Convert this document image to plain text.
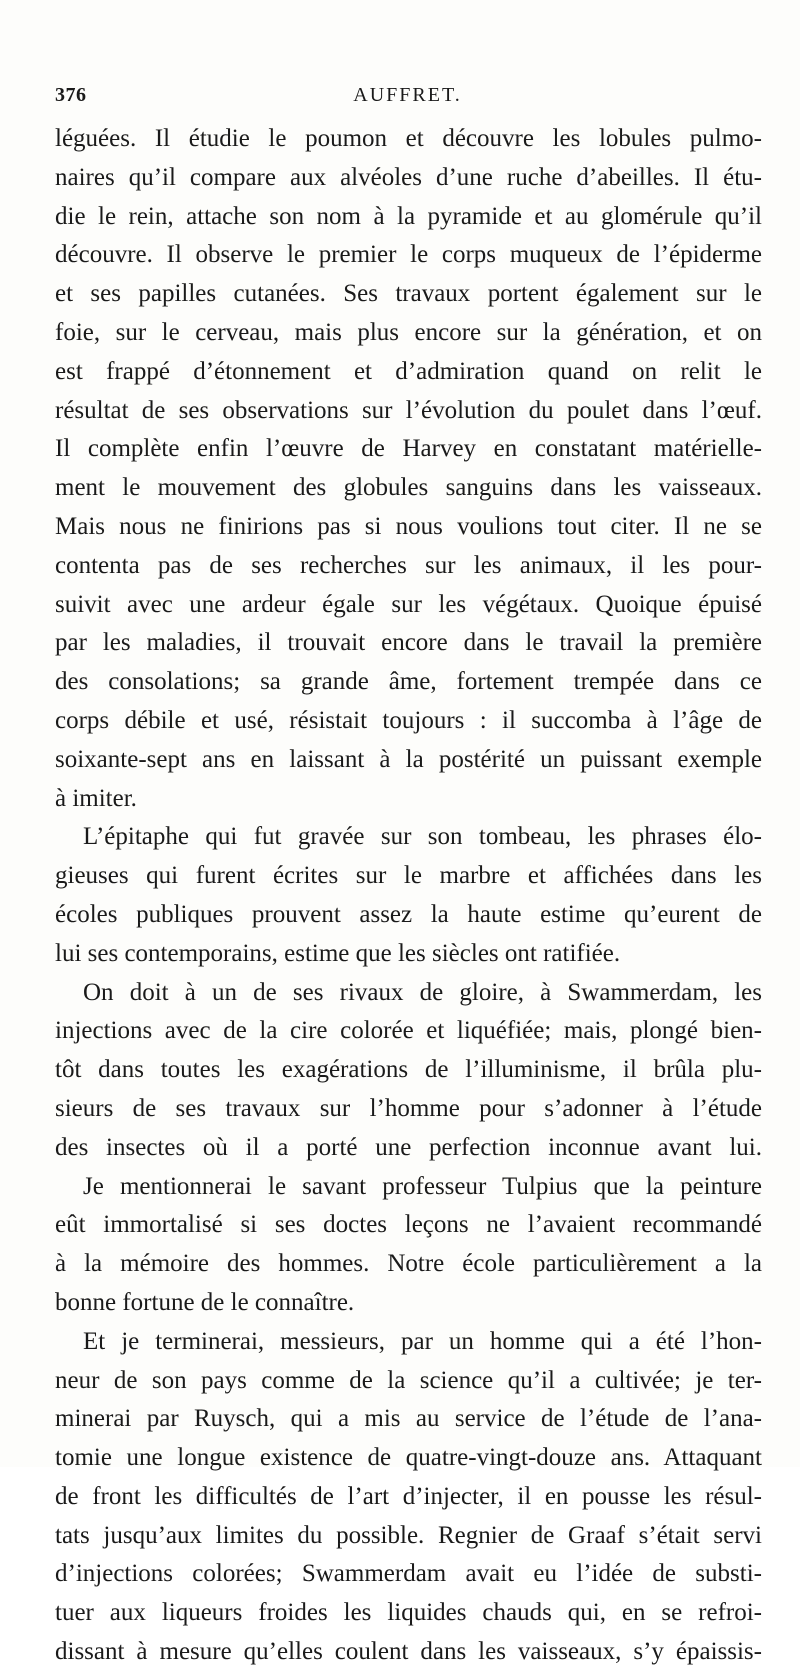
376	AUFFRET.
léguées. Il étudie le poumon et découvre les lobules pulmo-
naires qu’il compare aux alvéoles d’une ruche d’abeilles. Il étu-
die le rein, attache son nom à la pyramide et au glomérule qu’il
découvre. Il observe le premier le corps muqueux de l’épiderme
et ses papilles cutanées. Ses travaux portent également sur le
foie, sur le cerveau, mais plus encore sur la génération, et on
est frappé d’étonnement et d’admiration quand on relit le
résultat de ses observations sur l’évolution du poulet dans l’œuf.
Il complète enfin l’œuvre de Harvey en constatant matérielle-
ment le mouvement des globules sanguins dans les vaisseaux.
Mais nous ne finirions pas si nous voulions tout citer. Il ne se
contenta pas de ses recherches sur les animaux, il les pour-
suivit avec une ardeur égale sur les végétaux. Quoique épuisé
par les maladies, il trouvait encore dans le travail la première
des consolations; sa grande âme, fortement trempée dans ce
corps débile et usé, résistait toujours : il succomba à l’âge de
soixante-sept ans en laissant à la postérité un puissant exemple
à imiter.
L’épitaphe qui fut gravée sur son tombeau, les phrases élo-
gieuses qui furent écrites sur le marbre et affichées dans les
écoles publiques prouvent assez la haute estime qu’eurent de
lui ses contemporains, estime que les siècles ont ratifiée.
On doit à un de ses rivaux de gloire, à Swammerdam, les
injections avec de la cire colorée et liquéfiée; mais, plongé bien-
tôt dans toutes les exagérations de l’illuminisme, il brûla plu-
sieurs de ses travaux sur l’homme pour s’adonner à l’étude
des insectes où il a porté une perfection inconnue avant lui.
Je mentionnerai le savant professeur Tulpius que la peinture
eût immortalisé si ses doctes leçons ne l’avaient recommandé
à la mémoire des hommes. Notre école particulièrement a la
bonne fortune de le connaître.
Et je terminerai, messieurs, par un homme qui a été l’hon-
neur de son pays comme de la science qu’il a cultivée; je ter-
minerai par Ruysch, qui a mis au service de l’étude de l’ana-
tomie une longue existence de quatre-vingt-douze ans. Attaquant
de front les difficultés de l’art d’injecter, il en pousse les résul-
tats jusqu’aux limites du possible. Regnier de Graaf s’était servi
d’injections colorées; Swammerdam avait eu l’idée de substi-
tuer aux liqueurs froides les liquides chauds qui, en se refroi-
dissant à mesure qu’elles coulent dans les vaisseaux, s’y épaissis-
